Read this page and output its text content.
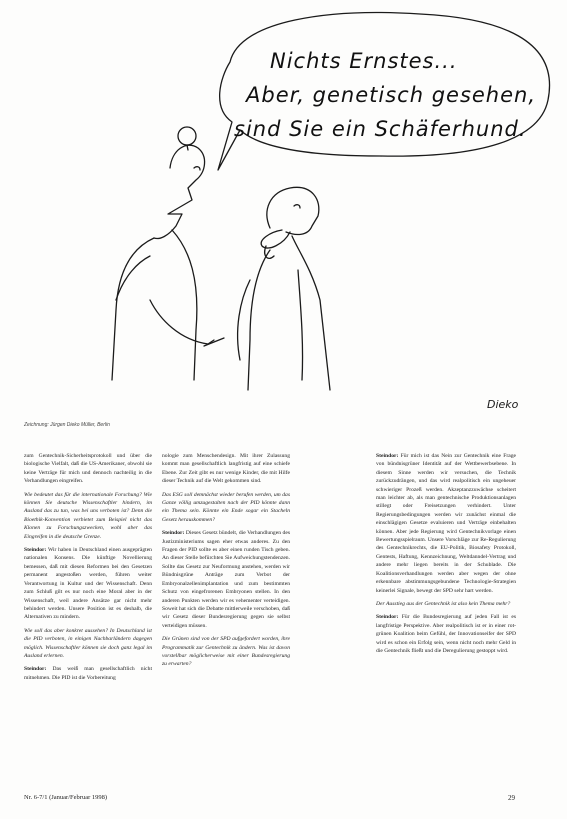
Nichts Ernstes...
Aber, genetisch gesehen,
sind Sie ein Schäferhund.
Dieko
Zeichnung: Jürgen Dieko Müller, Berlin

zum Gentechnik-Sicherheitsprotokoll und über die biologische Vielfalt, daß die US-Amerikaner, obwohl sie keine Verträge für mich und dennoch nachteilig in die Verhandlungen eingreifen.

Wie bedeutet das für die internationale Forschung? Wie können Sie deutsche Wissenschaftler hindern, im Ausland das zu tun, was bei uns verboten ist? Denn die Bioethik-Konvention verbietet zum Beispiel nicht das Klonen zu Forschungszwecken, wohl aber das Eingreifen in die deutsche Grenze.

Steindor: Wir haben in Deutschland einen ausgeprägten nationalen Konsens. Die künftige Novellierung bemessen, daß mit diesen Reformen bei den Gesetzen permanent angestoßen werden, führen weiter Verantwortung in Kultur und der Wissenschaft. Denn zum Schluß gilt es nur noch eine Moral aber in der Wissenschaft, weil andere Ansätze gar nicht mehr behindert werden. Unsere Position ist es deshalb, die Alternativen zu mindern.

Wie soll das aber konkret aussehen? In Deutschland ist die PID verboten, in einigen Nachbarländern dagegen möglich. Wissenschaftler können sie doch ganz legal im Ausland erlernen.

Steindor: Das weiß man gesellschaftlich nicht mitnehmen. Die PID ist die Vorbereitung

nologie zum Menschendesign. Mit ihrer Zulassung kommt man gesellschaftlich langfristig auf eine schiefe Ebene. Zur Zeit gibt es nur wenige Kinder, die mit Hilfe dieser Technik auf die Welt gekommen sind.

Das ESG soll demnächst wieder berufen werden, um das Ganze völlig umzugestalten nach der PID könnte dann ein Thema sein. Könnte ein Ende sogar ein Stacheln Gesetz herauskommen?

Steindor: Dieses Gesetz bündelt, die Verhandlungen des Justizministeriums sagen eher etwas anderes. Zu den Fragen der PID sollte es aber einen runden Tisch geben. An dieser Stelle befürchten Sie Aufweichungstendenzen. Sollte das Gesetz zur Neuformung anstehen, werden wir Bündnisgrüne Anträge zum Verbot der Embryonalzellenimplantation und zum bestimmten Schutz von eingefrorenen Embryonen stellen. In den anderen Punkten werden wir es vehementer verteidigen. Soweit hat sich die Debatte mittlerweile verschoben, daß wir Gesetz dieser Bundesregierung gegen sie selbst verteidigen müssen.

Die Grünen sind von der SPD aufgefordert worden, ihre Programmatik zur Gentechnik zu ändern. Was ist davon vorstellbar möglicherweise mit einer Bundesregierung zu erwarten?

Steindor: Für mich ist das Nein zur Gentechnik eine Frage von bündnisgrüner Identität auf der Wettbewerbsebene. In diesem Sinne werden wir versuchen, die Technik zurückzudrängen, und das wird realpolitisch ein ungeheuer schwieriger Prozeß werden. Akzeptanzzuwächse scheitert man leichter ab, als man gentechnische Produktionsanlagen stillegt oder Freisetzungen verhindert. Unter Regierungsbedingungen werden wir zunächst einmal die einschlägigen Gesetze evaluieren und Verträge einbehalten können. Aber jede Regierung wird Gentechnikvorlage einen Bewertungsspielraum. Unsere Vorschläge zur Re-Regulierung des Gentechnikrechts, die EU-Politik, Biosafety Protokoll, Gentests, Haftung, Kennzeichnung, Weltdanndel-Vertrag und andere mehr liegen bereits in der Schublade. Die Koalitionsverhandlungen werden aber wegen der ohne erkennbare abstimmungsgebundene Technologie-Strategien keinerlei Signale, bewegt der SPD sehr hart werden.

Der Ausstieg aus der Gentechnik ist also kein Thema mehr?

Steindor: Für die Bundesregierung auf jeden Fall ist es langfristige Perspektive. Aber realpolitisch ist er in einer rot-grünen Koalition beim Gefühl, der Innovationseifer der SPD wird es schon ein Erfolg sein, wenn nicht noch mehr Geld in die Gentechnik fließt und die Deregulierung gestoppt wird.

Nr. 6-7/1 (Januar/Februar 1998)	29
